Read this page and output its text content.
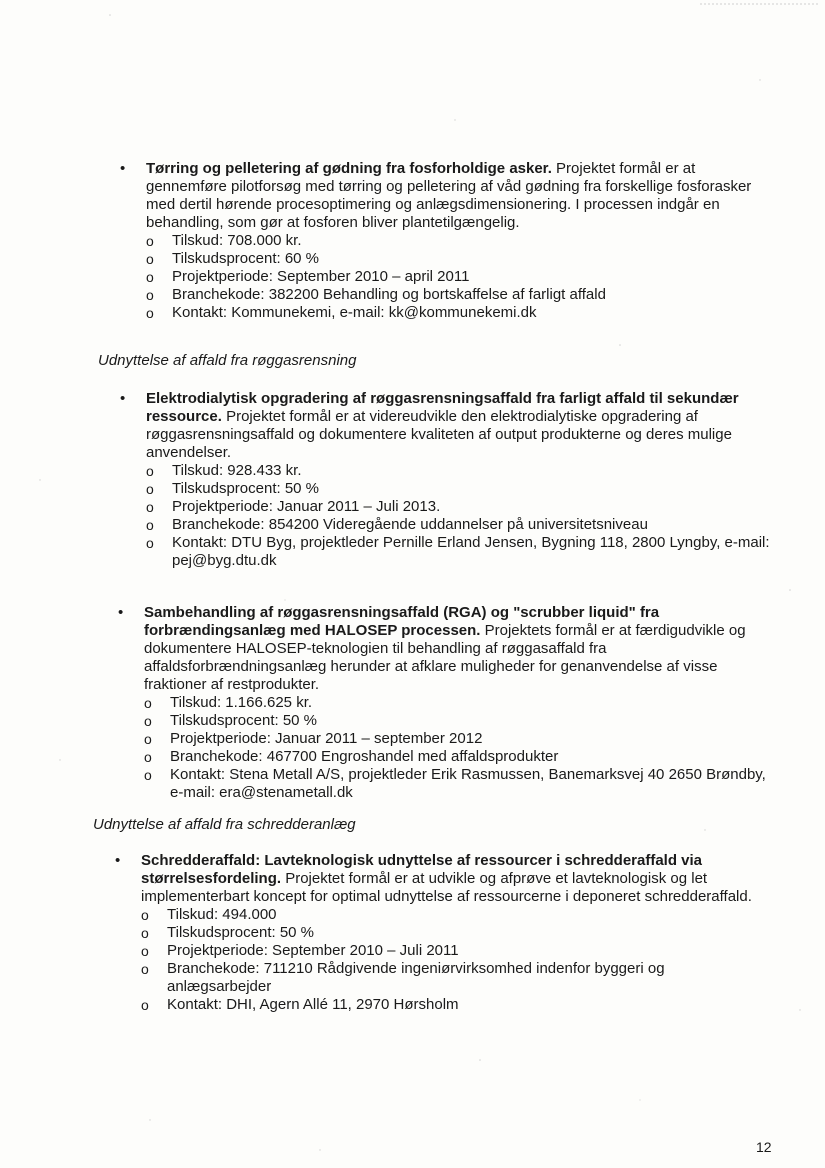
•	Tørring og pelletering af gødning fra fosforholdige asker. Projektet formål er at gennemføre pilotforsøg med tørring og pelletering af våd gødning fra forskellige fosforasker med dertil hørende procesoptimering og anlægsdimensionering. I processen indgår en behandling, som gør at fosforen bliver plantetilgængelig.
o	Tilskud: 708.000 kr.
o	Tilskudsprocent: 60 %
o	Projektperiode: September 2010 – april 2011
o	Branchekode: 382200 Behandling og bortskaffelse af farligt affald
o	Kontakt: Kommunekemi, e-mail: kk@kommunekemi.dk
Udnyttelse af affald fra røggasrensning
•	Elektrodialytisk opgradering af røggasrensningsaffald fra farligt affald til sekundær ressource. Projektet formål er at videreudvikle den elektrodialytiske opgradering af røggasrensningsaffald og dokumentere kvaliteten af output produkterne og deres mulige anvendelser.
o	Tilskud: 928.433 kr.
o	Tilskudsprocent: 50 %
o	Projektperiode: Januar 2011 – Juli 2013.
o	Branchekode: 854200 Videregående uddannelser på universitetsniveau
o	Kontakt: DTU Byg, projektleder Pernille Erland Jensen, Bygning 118, 2800 Lyngby, e-mail: pej@byg.dtu.dk
•	Sambehandling af røggasrensningsaffald (RGA) og "scrubber liquid" fra forbrændingsanlæg med HALOSEP processen. Projektets formål er at færdigudvikle og dokumentere HALOSEP-teknologien til behandling af røggasaffald fra affaldsforbrændningsanlæg herunder at afklare muligheder for genanvendelse af visse fraktioner af restprodukter.
o	Tilskud: 1.166.625 kr.
o	Tilskudsprocent: 50 %
o	Projektperiode: Januar 2011 – september 2012
o	Branchekode: 467700 Engroshandel med affaldsprodukter
o	Kontakt: Stena Metall A/S, projektleder Erik Rasmussen, Banemarksvej 40 2650 Brøndby, e-mail: era@stenametall.dk
Udnyttelse af affald fra schredderanlæg
•	Schredderaffald: Lavteknologisk udnyttelse af ressourcer i schredderaffald via størrelsesfordeling. Projektet formål er at udvikle og afprøve et lavteknologisk og let implementerbart koncept for optimal udnyttelse af ressourcerne i deponeret schredderaffald.
o	Tilskud: 494.000
o	Tilskudsprocent: 50 %
o	Projektperiode: September 2010 – Juli 2011
o	Branchekode: 711210 Rådgivende ingeniørvirksomhed indenfor byggeri og anlægsarbejder
o	Kontakt: DHI, Agern Allé 11, 2970 Hørsholm
12
